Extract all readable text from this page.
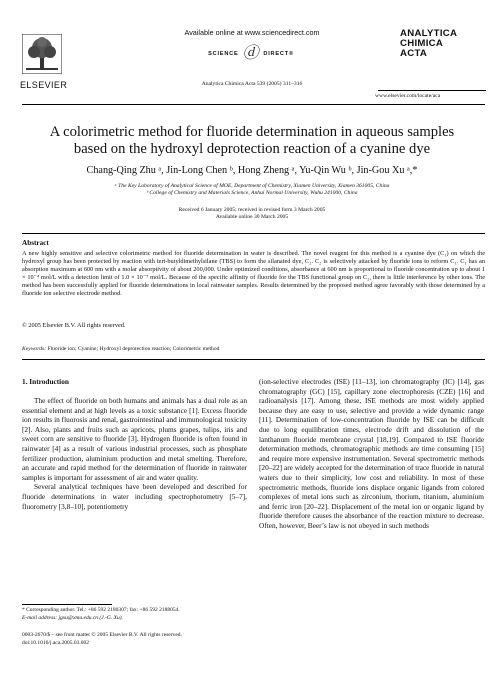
ELSEVIER
Available online at www.sciencedirect.com
SCIENCE ⓓ DIRECT®
Analytica Chimica Acta 539 (2005) 311–316
ANALYTICA
CHIMICA
ACTA
www.elsevier.com/locate/aca
A colorimetric method for fluoride determination in aqueous samples
based on the hydroxyl deprotection reaction of a cyanine dye
Chang-Qing Zhu ᵃ, Jin-Long Chen ᵇ, Hong Zheng ᵃ, Yu-Qin Wu ᵇ, Jin-Gou Xu ᵃ,*
ᵃ The Key Laboratory of Analytical Science of MOE, Department of Chemistry, Xiamen University, Xiamen 361005, China
ᵇ College of Chemistry and Materials Science, Anhui Normal University, Wuhu 241000, China
Received 6 January 2005; received in revised form 3 March 2005
Available online 30 March 2005
Abstract
A new highly sensitive and selective colorimetric method for fluoride determination in water is described. The novel reagent for this method is a cyanine dye (C₁) on which the hydroxyl group has been protected by reaction with tert-butyldimethylsilane (TBS) to form the silanated dye, C₂. C₂ is selectively attacked by fluoride ions to reform C₁. C₁ has an absorption maximum at 600 nm with a molar absorptivity of about 200,000. Under optimized conditions, absorbance at 600 nm is proportional to fluoride concentration up to about 1 × 10⁻⁴ mol/L with a detection limit of 1.0 × 10⁻⁷ mol/L. Because of the specific affinity of fluoride for the TBS functional group on C₂, there is little interference by other ions. The method has been successfully applied for fluoride determinations in local rainwater samples. Results determined by the proposed method agree favorably with those determined by a fluoride ion selective electrode method.
© 2005 Elsevier B.V. All rights reserved.
Keywords: Fluoride ion; Cyanine; Hydroxyl deprotection reaction; Colorimetric method
1. Introduction

The effect of fluoride on both humans and animals has a dual role as an essential element and at high levels as a toxic substance [1]. Excess fluoride ion results in fluorosis and renal, gastrointestinal and immunological toxicity [2]. Also, plants and fruits such as apricots, plums grapes, tulips, iris and sweet corn are sensitive to fluoride [3]. Hydrogen fluoride is often found in rainwater [4] as a result of various industrial processes, such as phosphate fertilizer production, aluminium production and metal smelting. Therefore, an accurate and rapid method for the determination of fluoride in rainwater samples is important for assessment of air and water quality.

Several analytical techniques have been developed and described for fluoride determinations in water including spectrophotometry [5–7], fluorometry [3,8–10], potentiometry

(ion-selective electrodes (ISE) [11–13], ion chromatography (IC) [14], gas chromatography (GC) [15], capillary zone electrophoresis (CZE) [16] and radioanalysis [17]. Among these, ISE methods are most widely applied because they are easy to use, selective and provide a wide dynamic range [11]. Determination of low-concentration fluoride by ISE can be difficult due to long equilibration times, electrode drift and dissolution of the lanthanum fluoride membrane crystal [18,19]. Compared to ISE fluoride determination methods, chromatographic methods are time consuming [15] and require more expensive instrumentation. Several spectrometric methods [20–22] are widely accepted for the determination of trace fluoride in natural waters due to their simplicity, low cost and reliability. In most of these spectrometric methods, fluoride ions displace organic ligands from colored complexes of metal ions such as zirconium, thorium, titanium, aluminium and ferric iron [20–22]. Displacement of the metal ion or organic ligand by fluoride therefore causes the absorbance of the reaction mixture to decrease. Often, however, Beer’s law is not obeyed in such methods

* Corresponding author. Tel.: +86 592 2180307; fax: +86 592 2188054.
E-mail address: jgxu@xmu.edu.cn (J.-G. Xu).
0003-2670/$ – see front matter © 2005 Elsevier B.V. All rights reserved.
doi:10.1016/j.aca.2005.03.002
